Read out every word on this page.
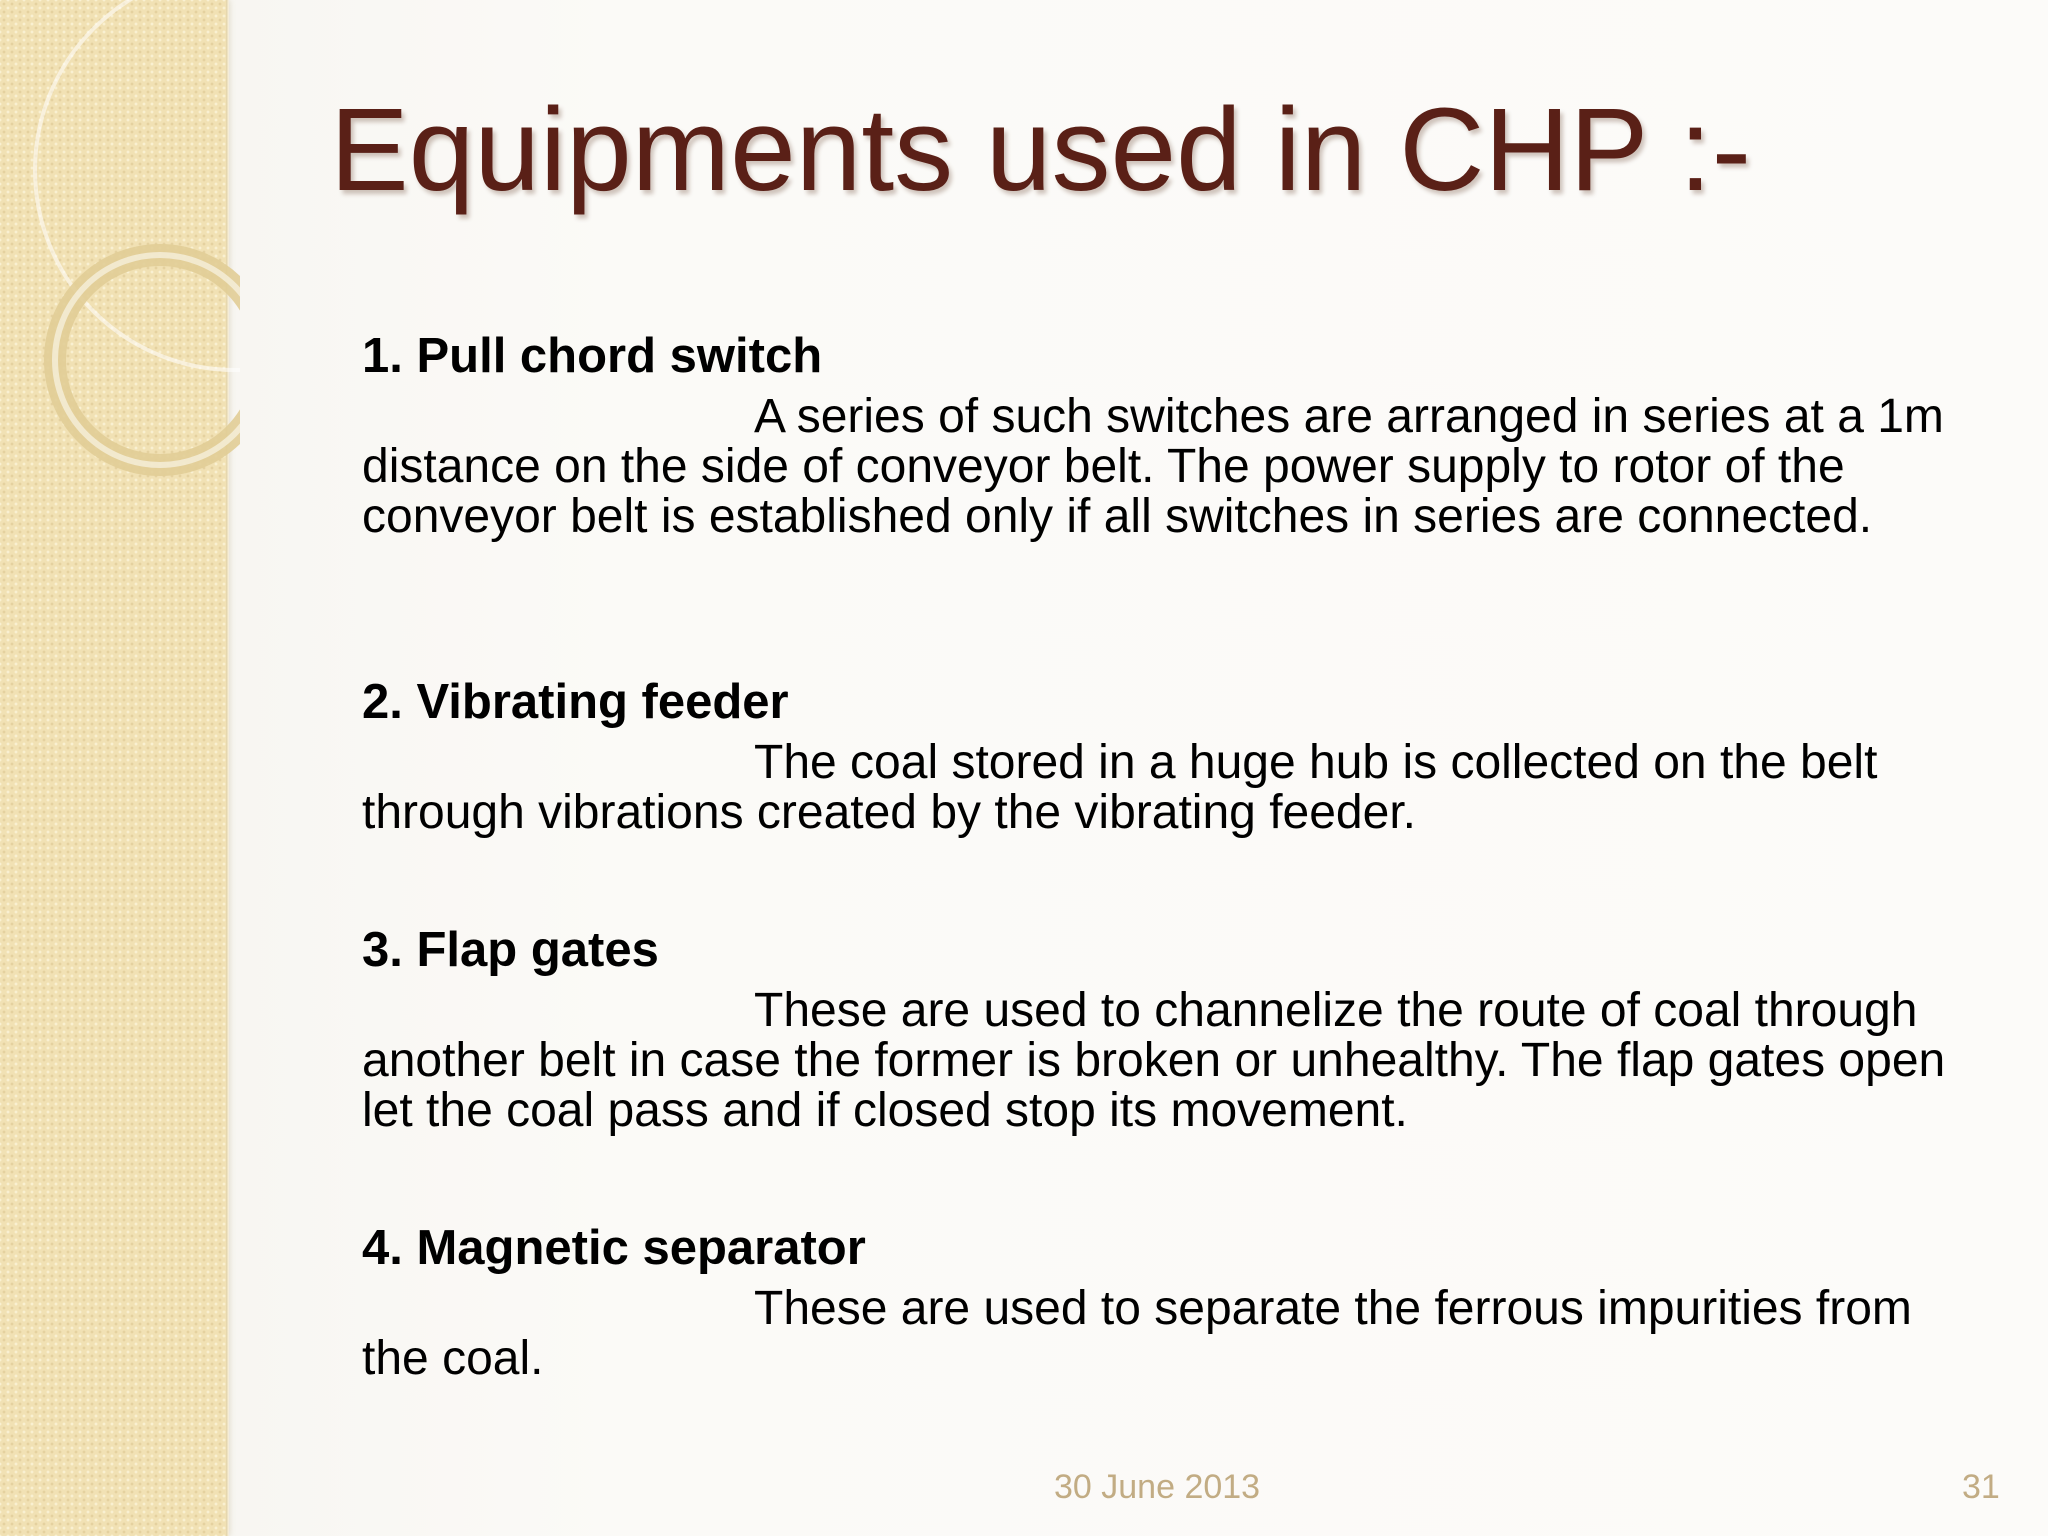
Equipments used in CHP :-

1. Pull chord switch

A series of such switches are arranged in series at a 1m distance on the side of conveyor belt. The power supply to rotor of the conveyor belt is established only if all switches in series are connected.

2. Vibrating feeder

The coal stored in a huge hub is collected on the belt through vibrations created by the vibrating feeder.

3. Flap gates

These are used to channelize the route of coal through another belt in case the former is broken or unhealthy. The flap gates open let the coal pass and if closed stop its movement.

4. Magnetic separator

These are used to separate the ferrous impurities from the coal.

30 June 2013	31
